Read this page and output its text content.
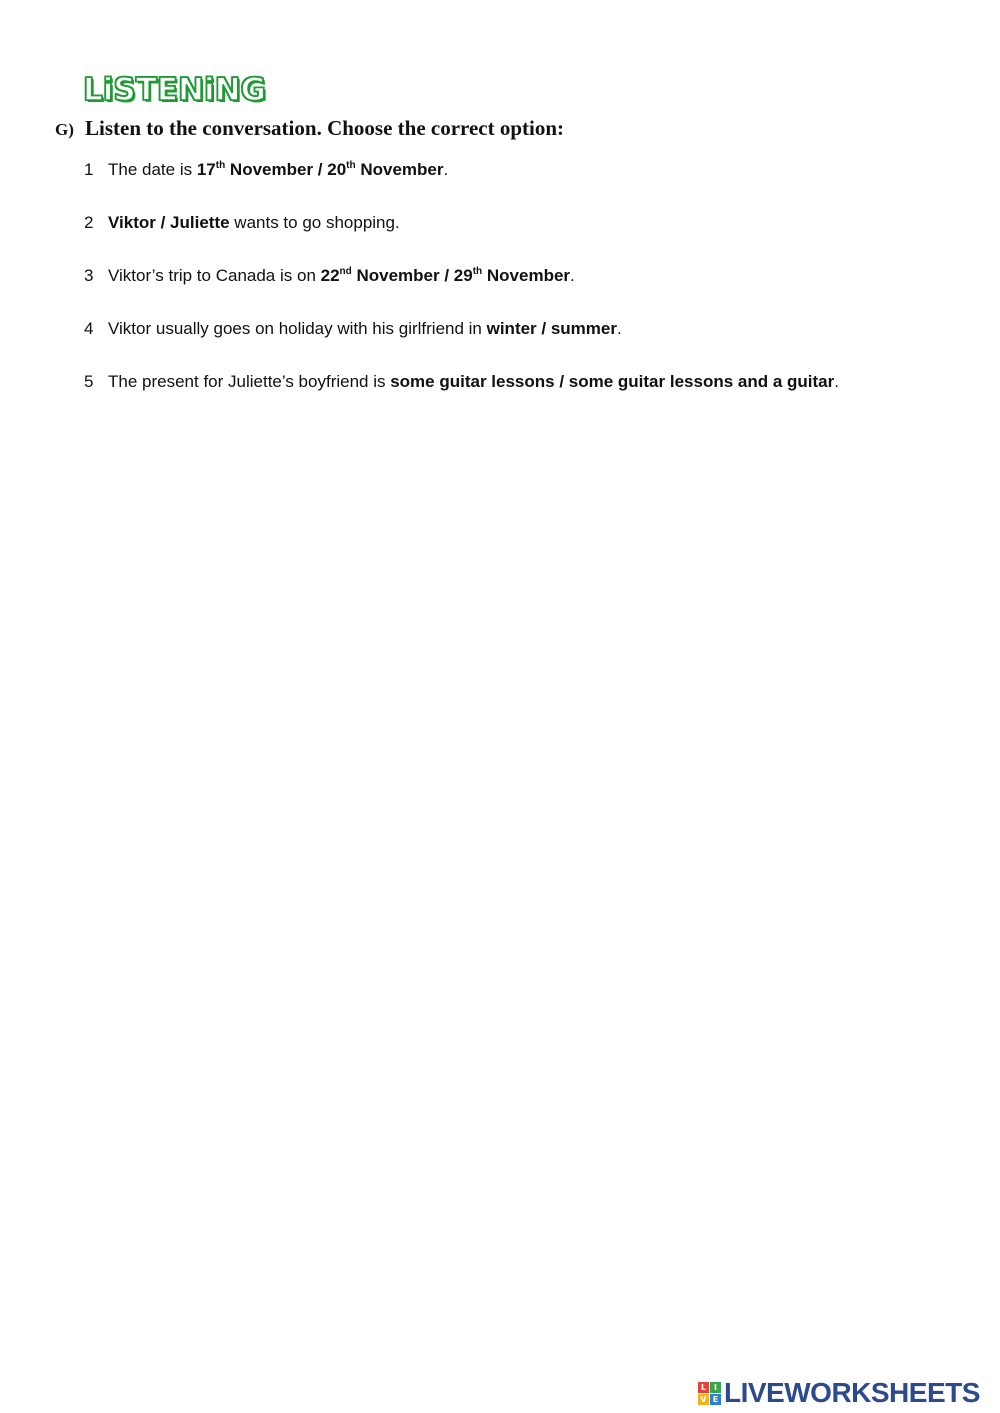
LiSTENiNG
G) Listen to the conversation. Choose the correct option:
1 The date is 17th November / 20th November.
2 Viktor / Juliette wants to go shopping.
3 Viktor’s trip to Canada is on 22nd November / 29th November.
4 Viktor usually goes on holiday with his girlfriend in winter / summer.
5 The present for Juliette’s boyfriend is some guitar lessons / some guitar lessons and a guitar.
L I
V E LIVEWORKSHEETS
